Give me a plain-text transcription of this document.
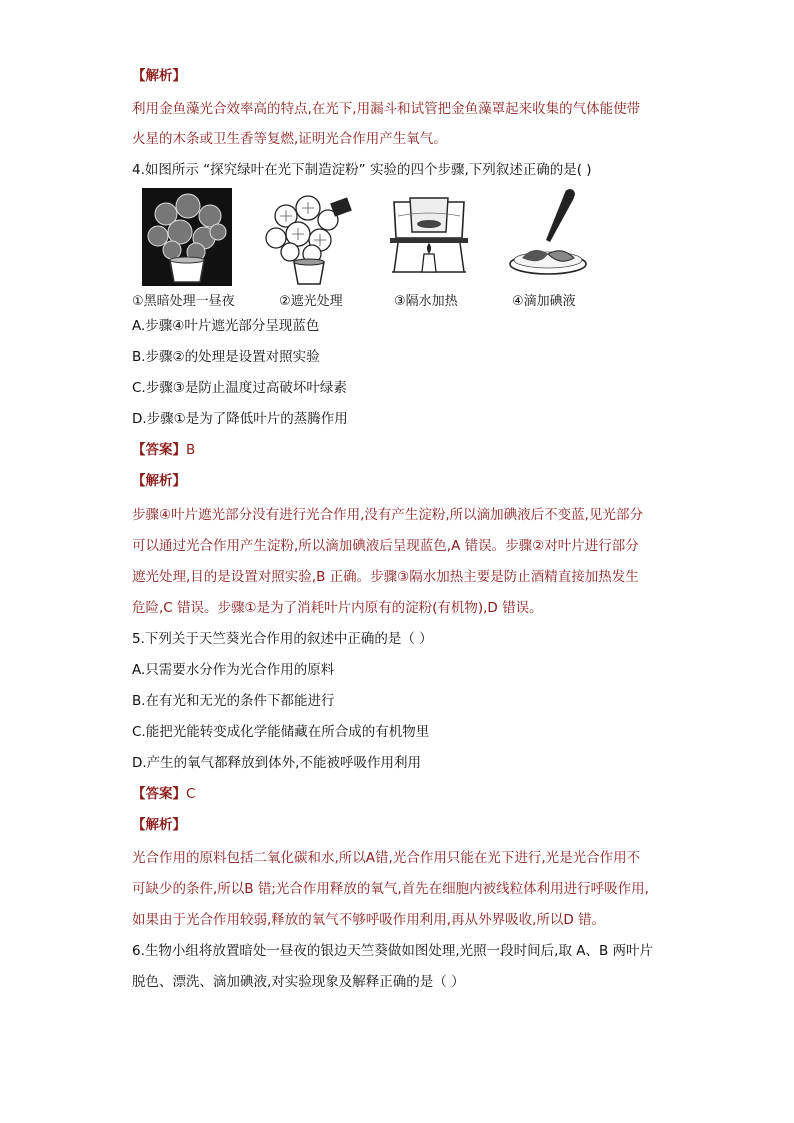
【解析】
利用金鱼藻光合效率高的特点,在光下,用漏斗和试管把金鱼藻罩起来收集的气体能使带
火星的木条或卫生香等复燃,证明光合作用产生氧气。
4.如图所示 “探究绿叶在光下制造淀粉” 实验的四个步骤,下列叙述正确的是( )
①黑暗处理一昼夜	②遮光处理	③隔水加热	④滴加碘液
A.步骤④叶片遮光部分呈现蓝色
B.步骤②的处理是设置对照实验
C.步骤③是防止温度过高破坏叶绿素
D.步骤①是为了降低叶片的蒸腾作用
【答案】B
【解析】
步骤④叶片遮光部分没有进行光合作用,没有产生淀粉,所以滴加碘液后不变蓝,见光部分
可以通过光合作用产生淀粉,所以滴加碘液后呈现蓝色,A 错误。步骤②对叶片进行部分
遮光处理,目的是设置对照实验,B 正确。步骤③隔水加热主要是防止酒精直接加热发生
危险,C 错误。步骤①是为了消耗叶片内原有的淀粉(有机物),D 错误。
5.下列关于天竺葵光合作用的叙述中正确的是（ ）
A.只需要水分作为光合作用的原料
B.在有光和无光的条件下都能进行
C.能把光能转变成化学能储藏在所合成的有机物里
D.产生的氧气都释放到体外,不能被呼吸作用利用
【答案】C
【解析】
光合作用的原料包括二氧化碳和水,所以A错,光合作用只能在光下进行,光是光合作用不
可缺少的条件,所以B 错;光合作用释放的氧气,首先在细胞内被线粒体利用进行呼吸作用,
如果由于光合作用较弱,释放的氧气不够呼吸作用利用,再从外界吸收,所以D 错。
6.生物小组将放置暗处一昼夜的银边天竺葵做如图处理,光照一段时间后,取 A、B 两叶片
脱色、漂洗、滴加碘液,对实验现象及解释正确的是（ ）
